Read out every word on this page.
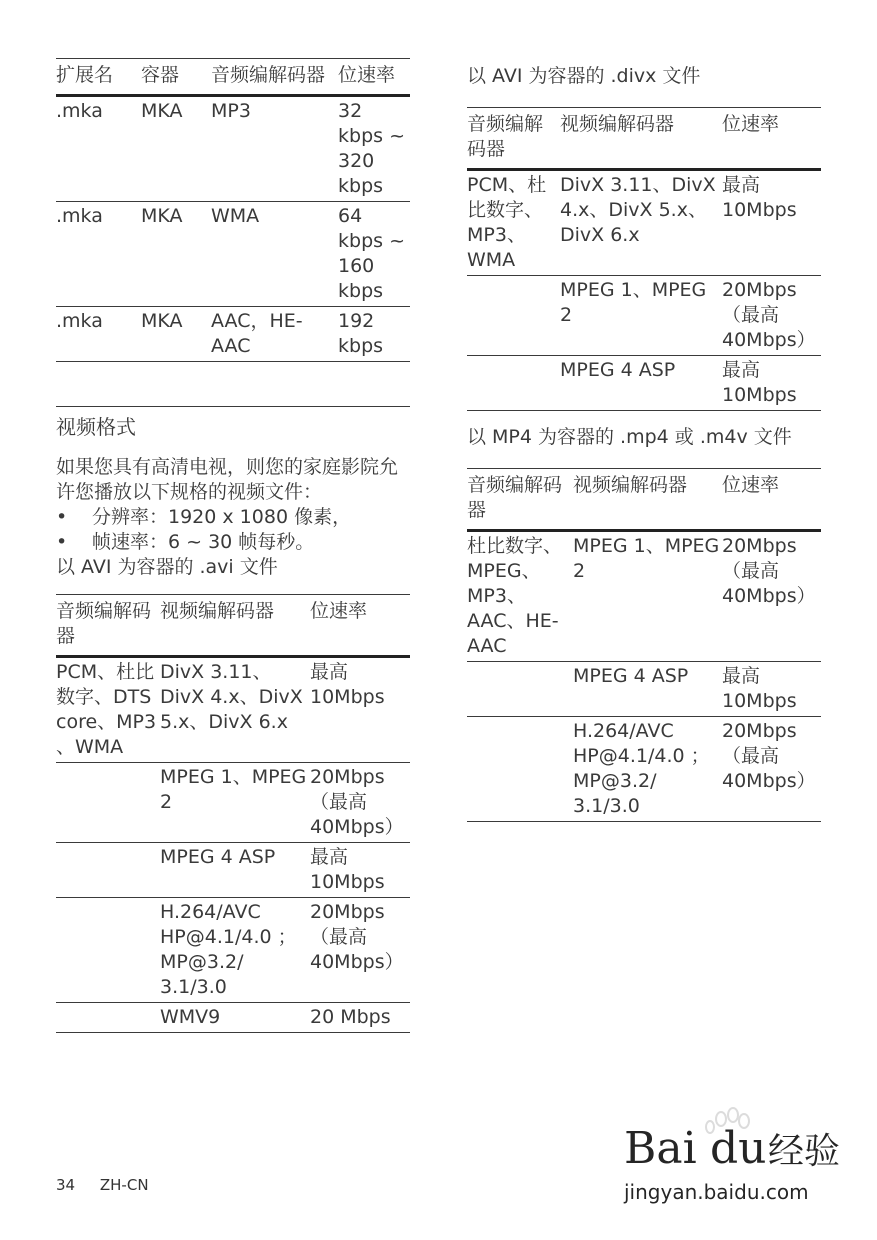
扩展名	容器	音频编解码器	位速率
.mka	MKA	MP3	32 kbps ~ 320 kbps
.mka	MKA	WMA	64 kbps ~ 160 kbps
.mka	MKA	AAC，HE-AAC	192 kbps
视频格式

如果您具有高清电视，则您的家庭影院允许您播放以下规格的视频文件：

• 分辨率：1920 x 1080 像素，
• 帧速率：6 ~ 30 帧每秒。

以 AVI 为容器的 .avi 文件

音频编解码器	视频编解码器	位速率
PCM、杜比数字、DTS core、MP3 、WMA	DivX 3.11、DivX 4.x、DivX 5.x、DivX 6.x	最高 10Mbps
	MPEG 1、MPEG 2	20Mbps（最高 40Mbps）
	MPEG 4 ASP	最高 10Mbps
	H.264/AVC HP@4.1/4.0 ；MP@3.2/ 3.1/3.0	20Mbps（最高 40Mbps）
	WMV9	20 Mbps

以 AVI 为容器的 .divx 文件

音频编解码器	视频编解码器	位速率
PCM、杜比数字、MP3、WMA	DivX 3.11、DivX 4.x、DivX 5.x、DivX 6.x	最高 10Mbps
	MPEG 1、MPEG 2	20Mbps（最高 40Mbps）
	MPEG 4 ASP	最高 10Mbps

以 MP4 为容器的 .mp4 或 .m4v 文件

音频编解码器	视频编解码器	位速率
杜比数字、MPEG、MP3、AAC、HE-AAC	MPEG 1、MPEG 2	20Mbps（最高 40Mbps）
	MPEG 4 ASP	最高 10Mbps
	H.264/AVC HP@4.1/4.0 ；MP@3.2/ 3.1/3.0	20Mbps（最高 40Mbps）
34 ZH-CN
Bai du 经验
jingyan.baidu.com
